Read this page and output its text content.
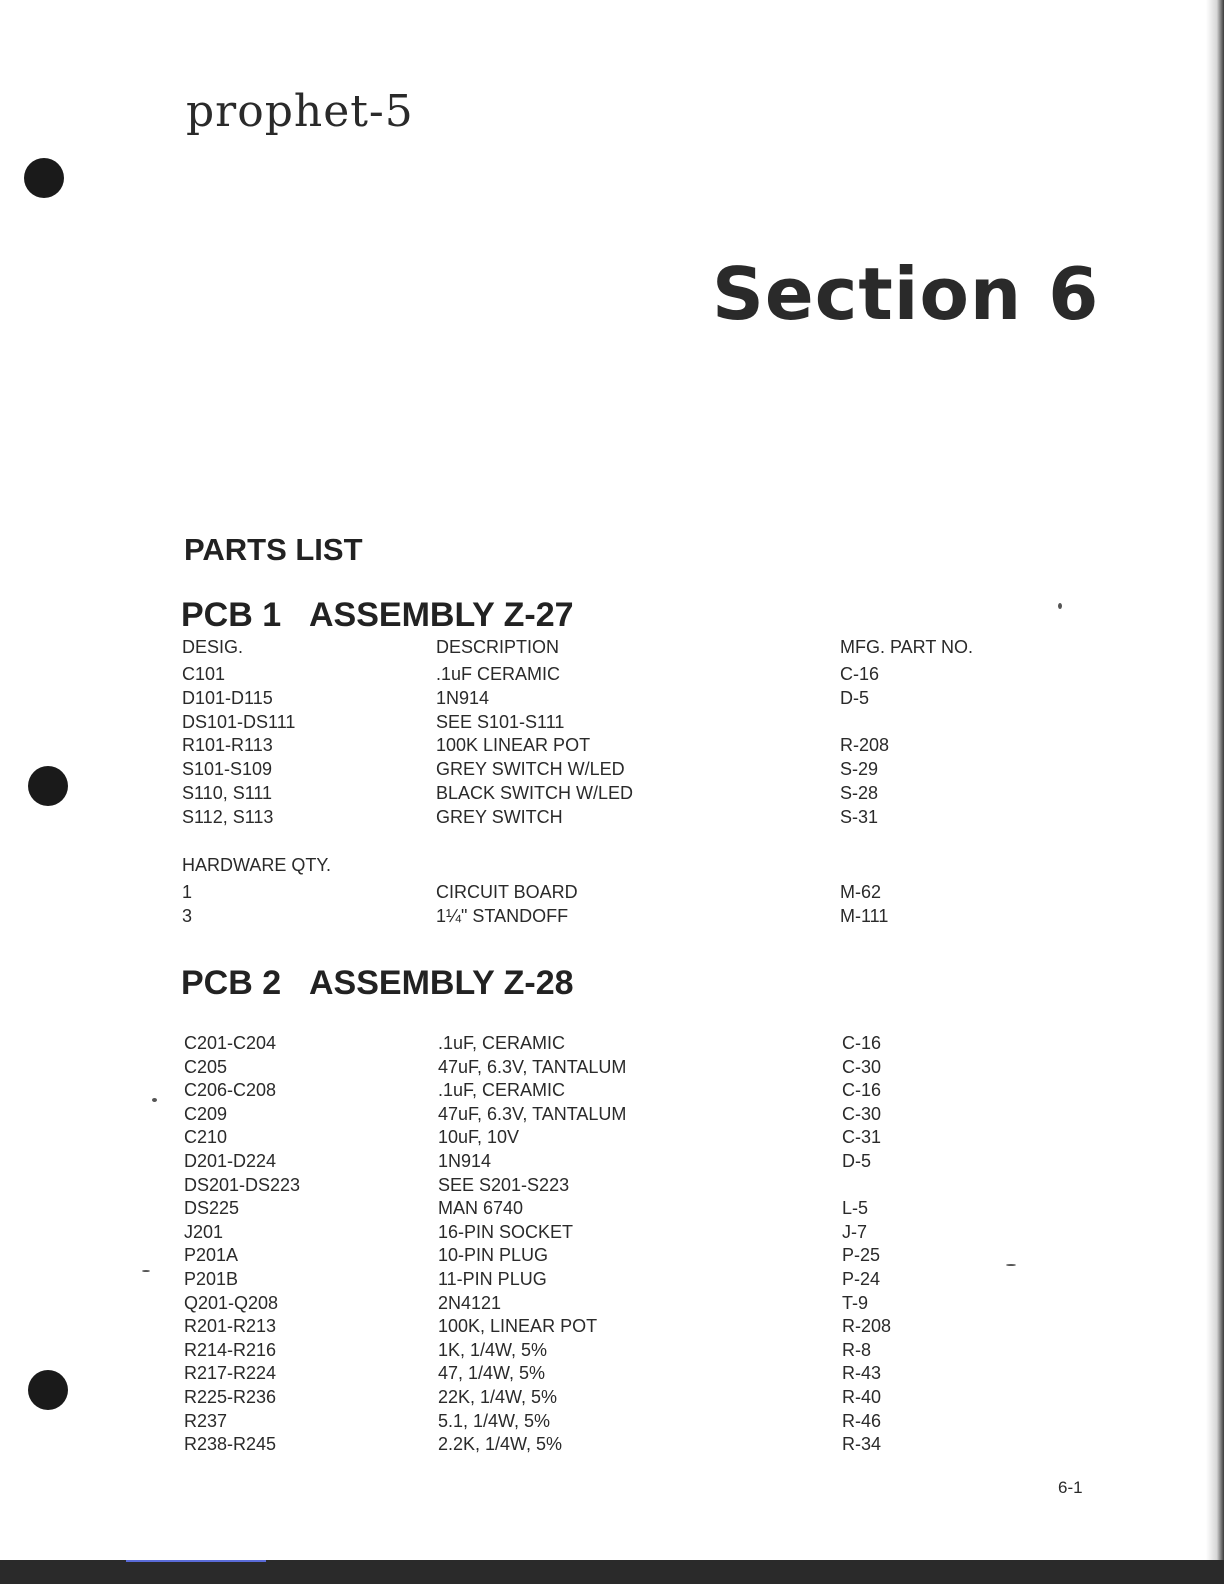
prophet-5
Section 6
PARTS LIST
PCB 1 ASSEMBLY Z-27
DESIG.	DESCRIPTION	MFG. PART NO.
C101	.1uF CERAMIC	C-16
D101-D115	1N914	D-5
DS101-DS111	SEE S101-S111
R101-R113	100K LINEAR POT	R-208
S101-S109	GREY SWITCH W/LED	S-29
S110, S111	BLACK SWITCH W/LED	S-28
S112, S113	GREY SWITCH	S-31
HARDWARE QTY.
1	CIRCUIT BOARD	M-62
3	1¼" STANDOFF	M-111
PCB 2 ASSEMBLY Z-28
C201-C204	.1uF, CERAMIC	C-16
C205	47uF, 6.3V, TANTALUM	C-30
C206-C208	.1uF, CERAMIC	C-16
C209	47uF, 6.3V, TANTALUM	C-30
C210	10uF, 10V	C-31
D201-D224	1N914	D-5
DS201-DS223	SEE S201-S223
DS225	MAN 6740	L-5
J201	16-PIN SOCKET	J-7
P201A	10-PIN PLUG	P-25
P201B	11-PIN PLUG	P-24
Q201-Q208	2N4121	T-9
R201-R213	100K, LINEAR POT	R-208
R214-R216	1K, 1/4W, 5%	R-8
R217-R224	47, 1/4W, 5%	R-43
R225-R236	22K, 1/4W, 5%	R-40
R237	5.1, 1/4W, 5%	R-46
R238-R245	2.2K, 1/4W, 5%	R-34
6-1
